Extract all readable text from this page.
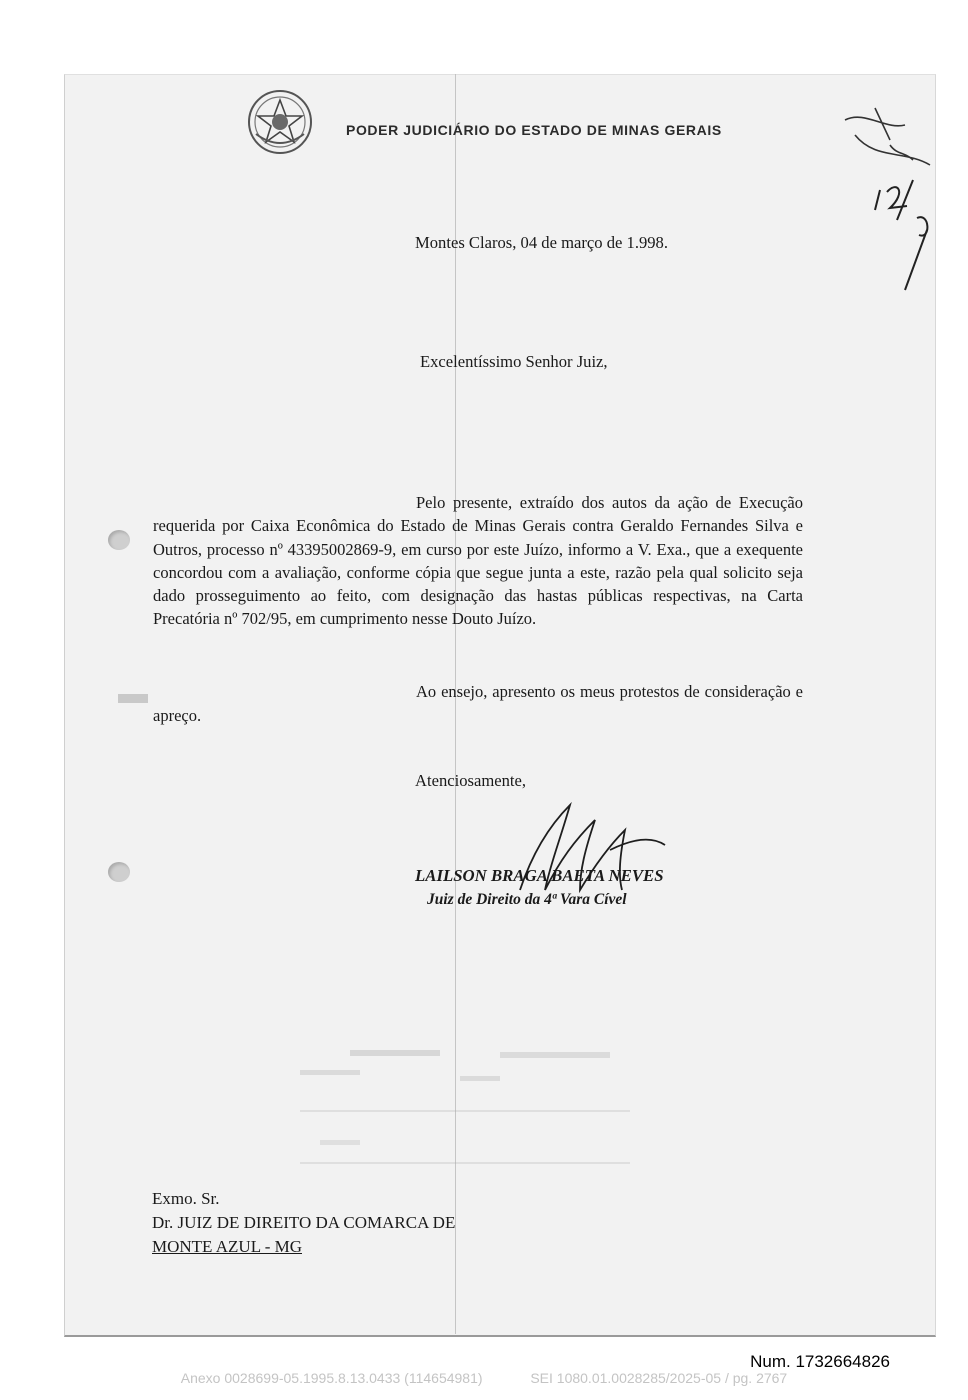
PODER JUDICIÁRIO DO ESTADO DE MINAS GERAIS
Montes Claros, 04 de março de 1.998.
Excelentíssimo Senhor Juiz,

Pelo presente, extraído dos autos da ação de Execução requerida por Caixa Econômica do Estado de Minas Gerais contra Geraldo Fernandes Silva e Outros, processo nº 43395002869-9, em curso por este Juízo, informo a V. Exa., que a exequente concordou com a avaliação, conforme cópia que segue junta a este, razão pela qual solicito seja dado prosseguimento ao feito, com designação das hastas públicas respectivas, na Carta Precatória nº 702/95, em cumprimento nesse Douto Juízo.

Ao ensejo, apresento os meus protestos de consideração e apreço.

Atenciosamente,
LAILSON BRAGA BAETA NEVES
Juiz de Direito da 4ª Vara Cível
Exmo. Sr.
Dr. JUIZ DE DIREITO DA COMARCA DE
MONTE AZUL - MG
Num. 1732664826
Anexo 0028699-05.1995.8.13.0433 (114654981)	SEI 1080.01.0028285/2025-05 / pg. 2767
